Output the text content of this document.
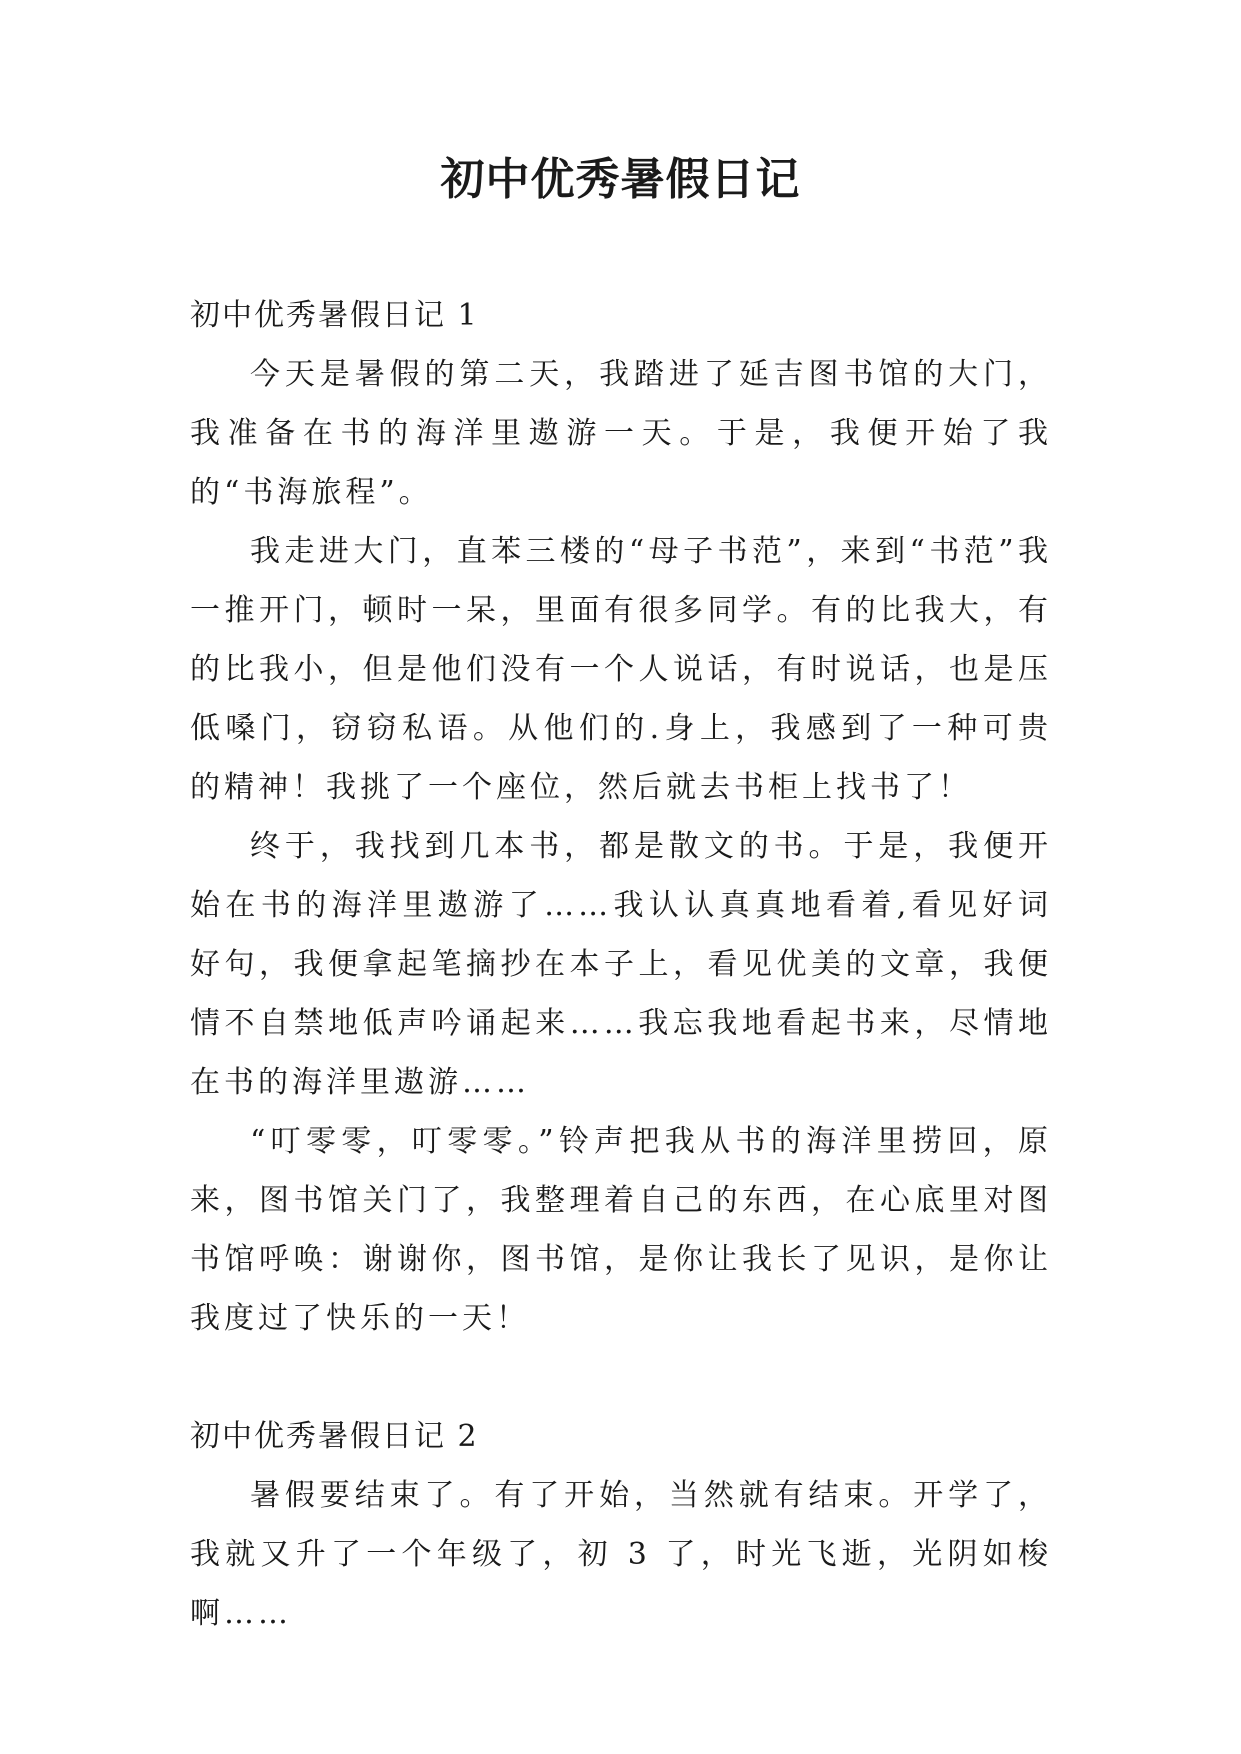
初中优秀暑假日记
初中优秀暑假日记 1

今天是暑假的第二天，我踏进了延吉图书馆的大门，我准备在书的海洋里遨游一天。于是，我便开始了我的“书海旅程”。

我走进大门，直苯三楼的“母子书范”，来到“书范”我一推开门，顿时一呆，里面有很多同学。有的比我大，有的比我小，但是他们没有一个人说话，有时说话，也是压低嗓门，窃窃私语。从他们的.身上，我感到了一种可贵的精神！我挑了一个座位，然后就去书柜上找书了！

终于，我找到几本书，都是散文的书。于是，我便开始在书的海洋里遨游了……我认认真真地看着,看见好词好句，我便拿起笔摘抄在本子上，看见优美的文章，我便情不自禁地低声吟诵起来……我忘我地看起书来，尽情地在书的海洋里遨游……

“叮零零，叮零零。”铃声把我从书的海洋里捞回，原来，图书馆关门了，我整理着自己的东西，在心底里对图书馆呼唤：谢谢你，图书馆，是你让我长了见识，是你让我度过了快乐的一天！

初中优秀暑假日记 2

暑假要结束了。有了开始，当然就有结束。开学了，我就又升了一个年级了，初 3 了，时光飞逝，光阴如梭啊……
